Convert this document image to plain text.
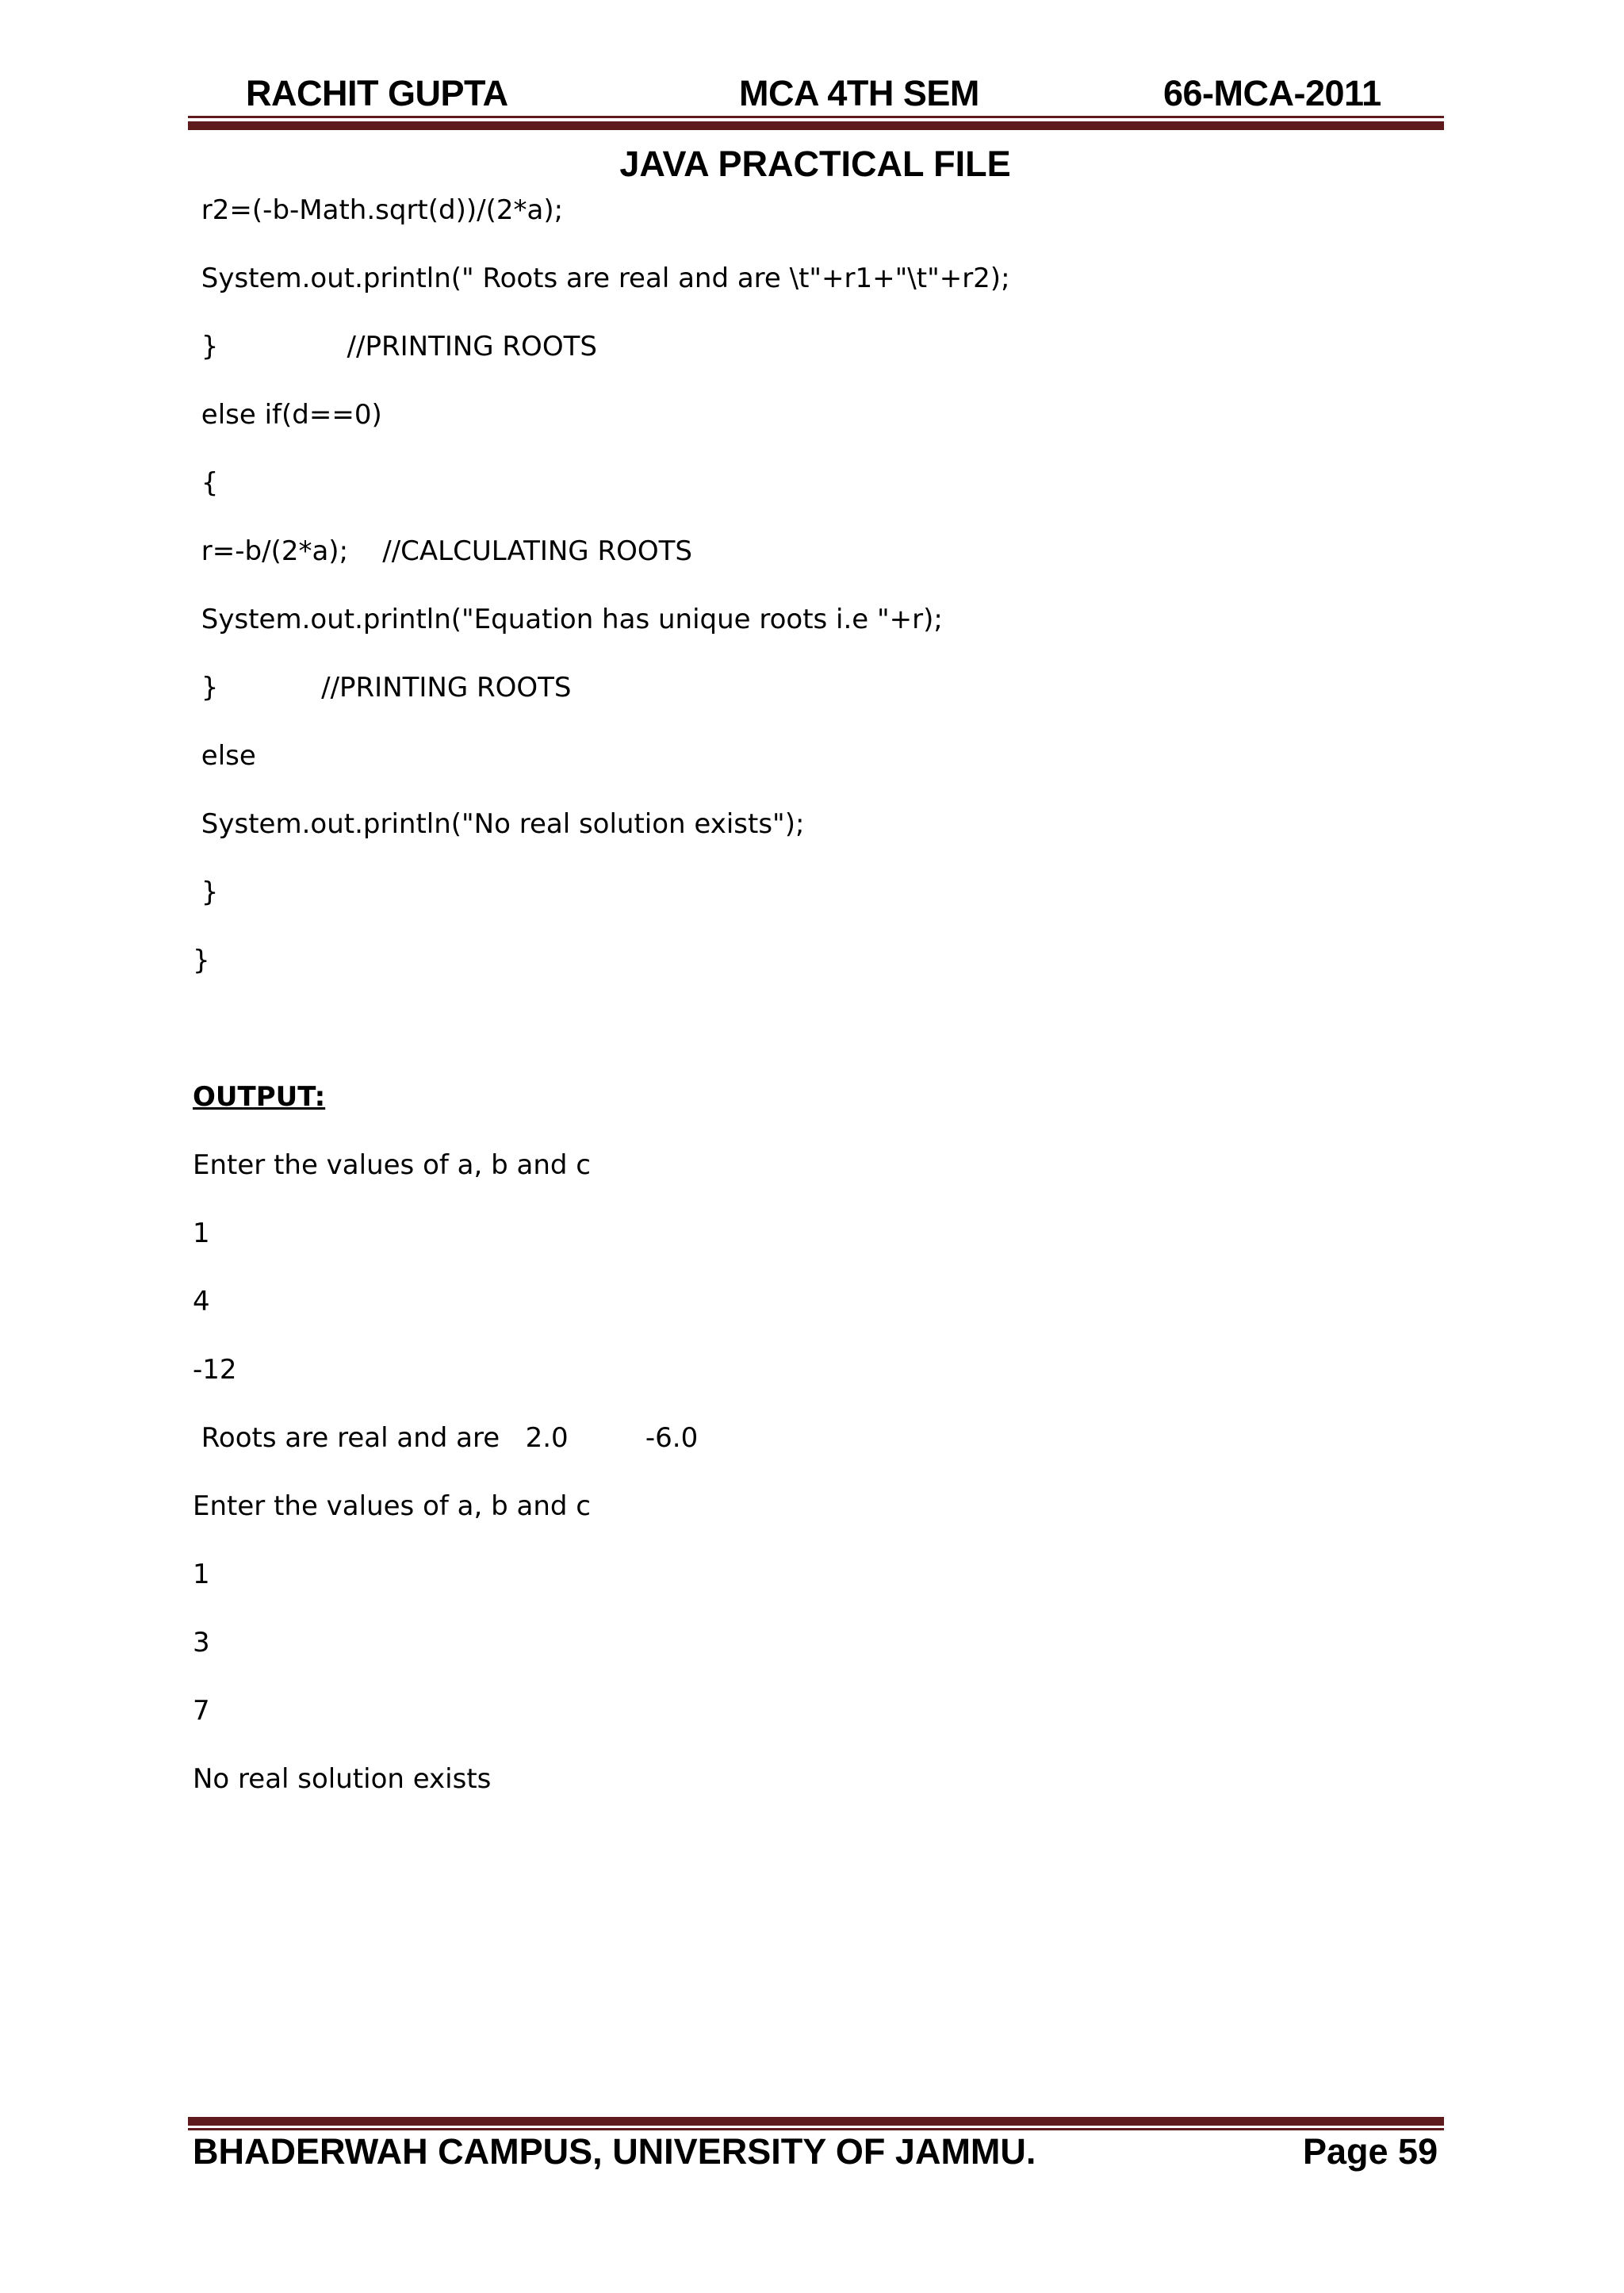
RACHIT GUPTA	MCA 4TH SEM	66-MCA-2011
JAVA PRACTICAL FILE
r2=(-b-Math.sqrt(d))/(2*a);
System.out.println(" Roots are real and are \t"+r1+"\t"+r2);
}               //PRINTING ROOTS
else if(d==0)
{
r=-b/(2*a);    //CALCULATING ROOTS
System.out.println("Equation has unique roots i.e "+r);
}            //PRINTING ROOTS
else
System.out.println("No real solution exists");
}
}
OUTPUT:
Enter the values of a, b and c
1
4
-12
Roots are real and are   2.0         -6.0
Enter the values of a, b and c
1
3
7
No real solution exists
BHADERWAH CAMPUS, UNIVERSITY OF JAMMU.	Page 59
